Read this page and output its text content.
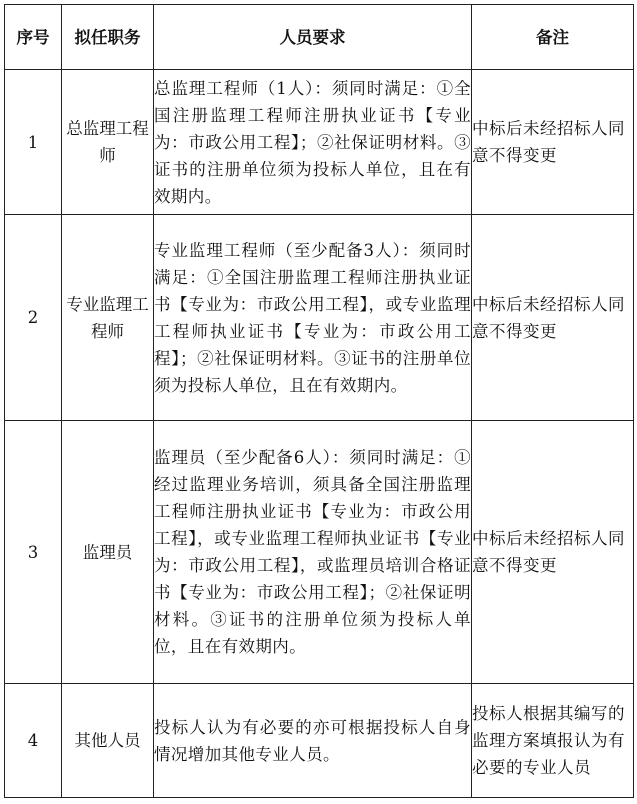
序号	拟任职务	人员要求	备注
1	总监理工程师	总监理工程师（1人）：须同时满足：①全国注册监理工程师注册执业证书【专业为：市政公用工程】；②社保证明材料。③证书的注册单位须为投标人单位，且在有效期内。	中标后未经招标人同意不得变更
2	专业监理工程师	专业监理工程师（至少配备3人）：须同时满足：①全国注册监理工程师注册执业证书【专业为：市政公用工程】，或专业监理工程师执业证书【专业为：市政公用工程】；②社保证明材料。③证书的注册单位须为投标人单位，且在有效期内。	中标后未经招标人同意不得变更
3	监理员	监理员（至少配备6人）：须同时满足：①经过监理业务培训，须具备全国注册监理工程师注册执业证书【专业为：市政公用工程】，或专业监理工程师执业证书【专业为：市政公用工程】，或监理员培训合格证书【专业为：市政公用工程】；②社保证明材料。③证书的注册单位须为投标人单位，且在有效期内。	中标后未经招标人同意不得变更
4	其他人员	投标人认为有必要的亦可根据投标人自身情况增加其他专业人员。	投标人根据其编写的监理方案填报认为有必要的专业人员
